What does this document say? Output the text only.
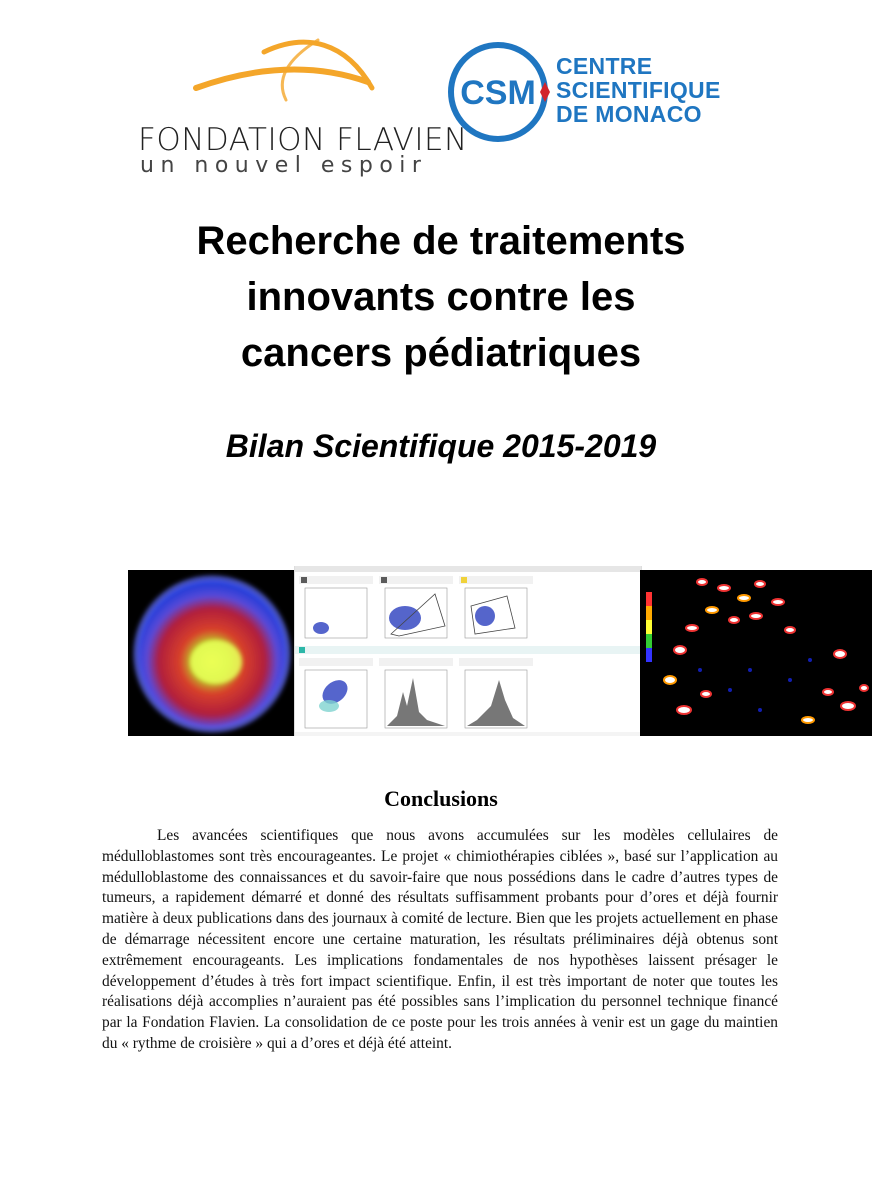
FONDATION FLAVIEN
un nouvel espoir
CSM
CENTRE
SCIENTIFIQUE
DE MONACO
Recherche de traitements
innovants contre les
cancers pédiatriques
Bilan Scientifique 2015-2019
Conclusions

Les avancées scientifiques que nous avons accumulées sur les modèles cellulaires de médulloblastomes sont très encourageantes. Le projet « chimiothérapies ciblées », basé sur l’application au médulloblastome des connaissances et du savoir-faire que nous possédions dans le cadre d’autres types de tumeurs, a rapidement démarré et donné des résultats suffisamment probants pour d’ores et déjà fournir matière à deux publications dans des journaux à comité de lecture. Bien que les projets actuellement en phase de démarrage nécessitent encore une certaine maturation, les résultats préliminaires déjà obtenus sont extrêmement encourageants. Les implications fondamentales de nos hypothèses laissent présager le développement d’études à très fort impact scientifique. Enfin, il est très important de noter que toutes les réalisations déjà accomplies n’auraient pas été possibles sans l’implication du personnel technique financé par la Fondation Flavien. La consolidation de ce poste pour les trois années à venir est un gage du maintien du « rythme de croisière » qui a d’ores et déjà été atteint.
